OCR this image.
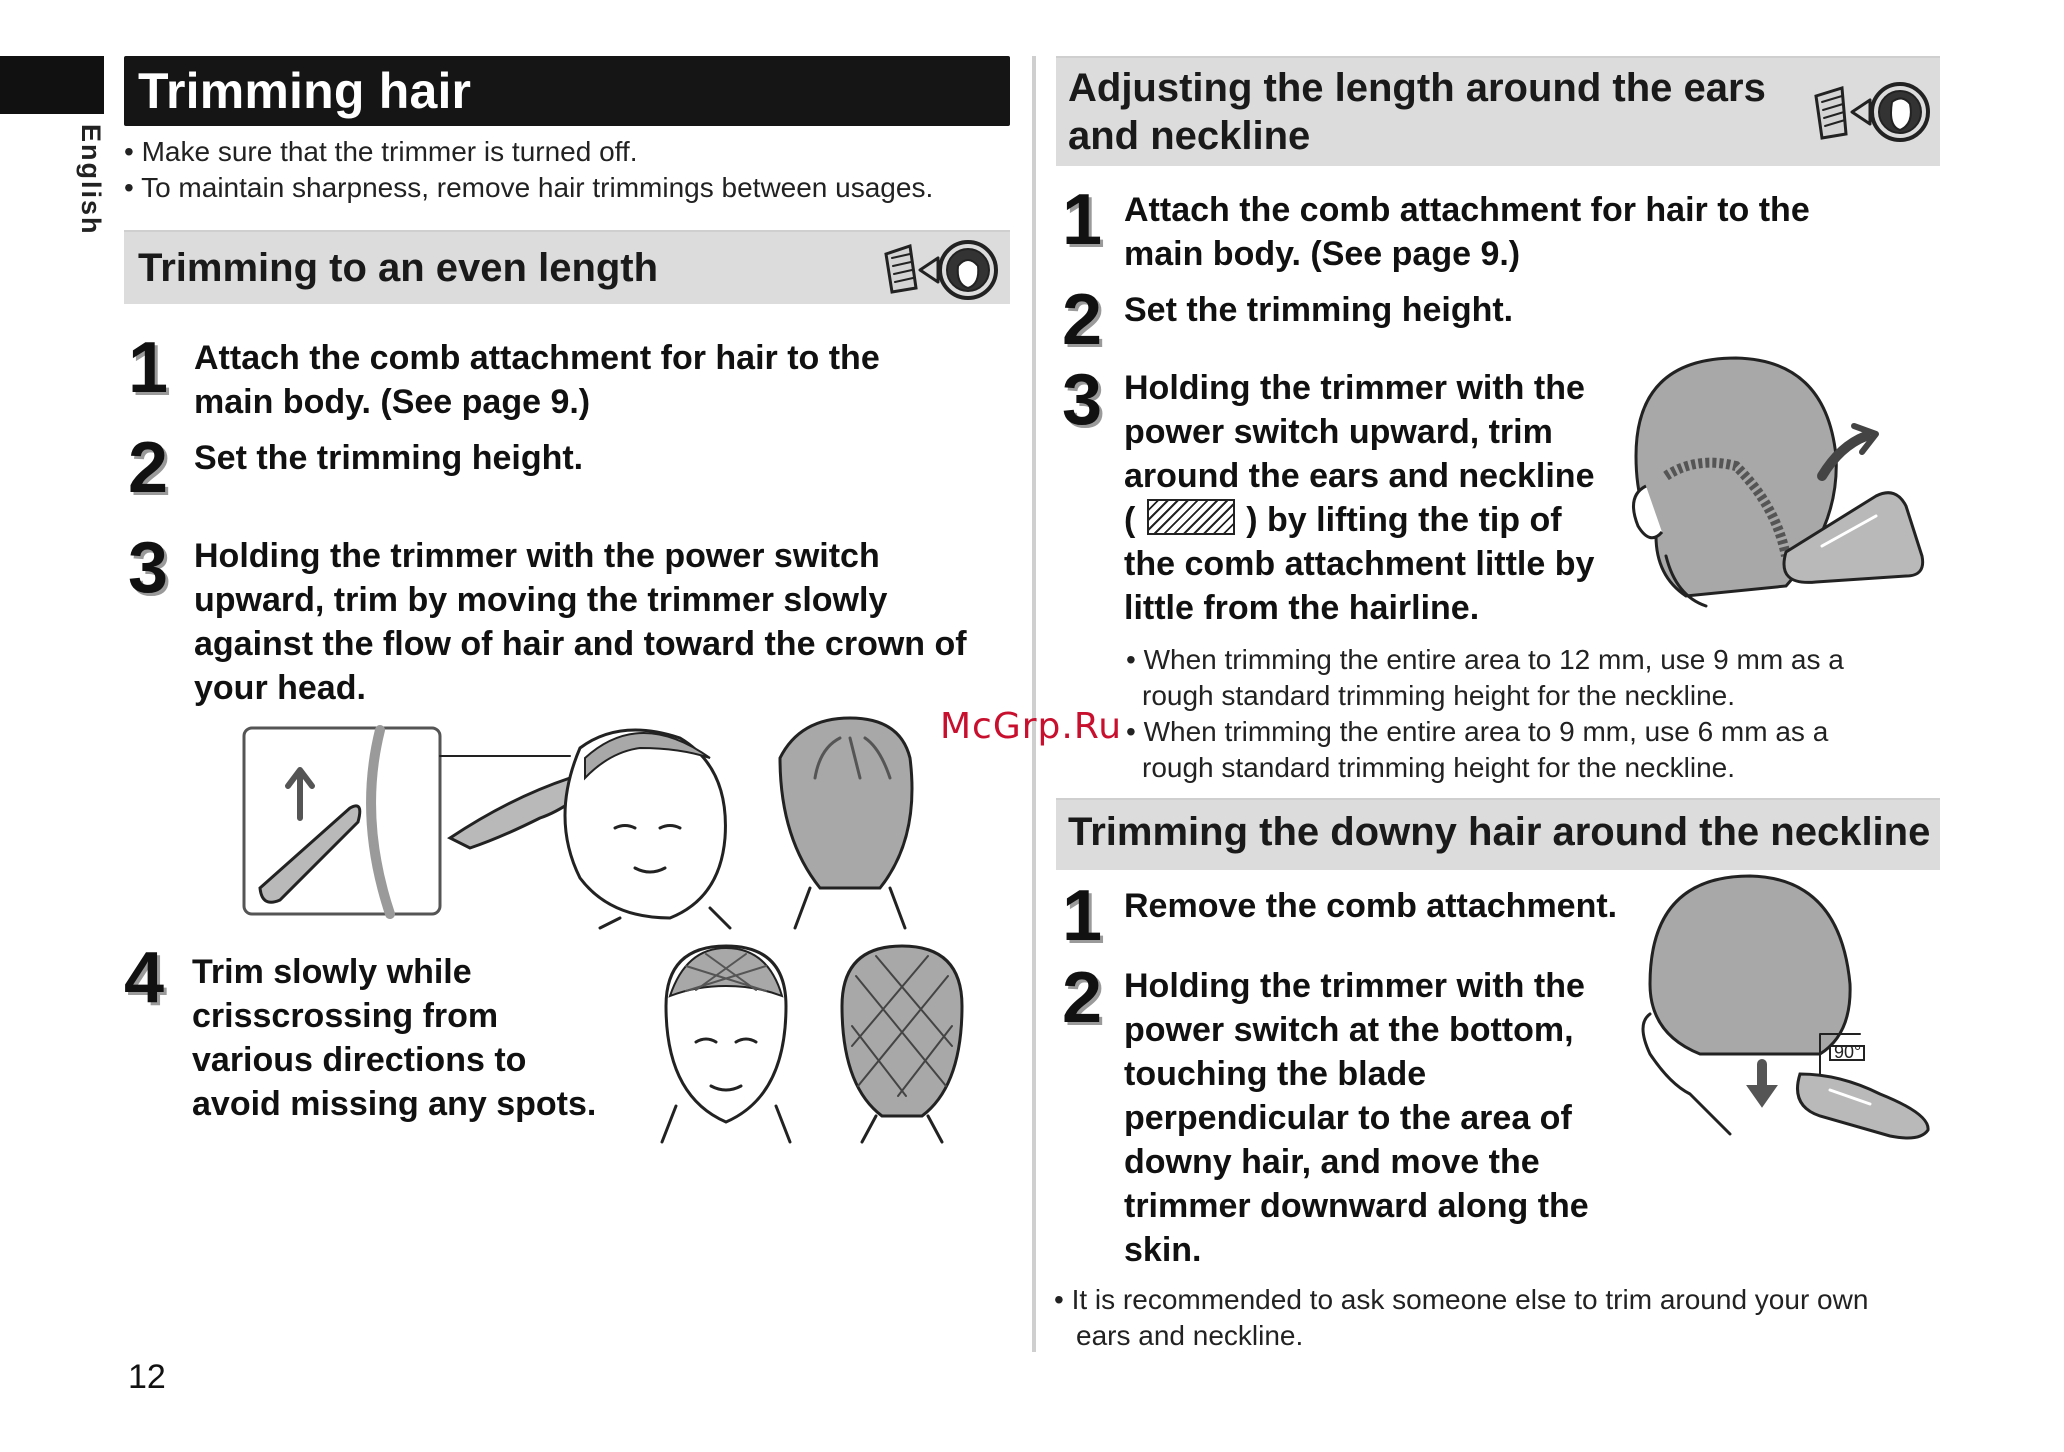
Trimming hair
English • Make sure that the trimmer is turned off.
• To maintain sharpness, remove hair trimmings between usages.
Trimming to an even length
1 Attach the comb attachment for hair to the
main body. (See page 9.)
2 Set the trimming height.
3 Holding the trimmer with the power switch
upward, trim by moving the trimmer slowly
against the flow of hair and toward the crown of
your head.
4 Trim slowly while
crisscrossing from
various directions to
avoid missing any spots.
12
Adjusting the length around the ears
and neckline
1 Attach the comb attachment for hair to the
main body. (See page 9.)
2 Set the trimming height.
3 Holding the trimmer with the
power switch upward, trim
around the ears and neckline
(	) by lifting the tip of
the comb attachment little by
little from the hairline.
• When trimming the entire area to 12 mm, use 9 mm as a
rough standard trimming height for the neckline.
• When trimming the entire area to 9 mm, use 6 mm as a
rough standard trimming height for the neckline.
Trimming the downy hair around the neckline
1 Remove the comb attachment.
2 Holding the trimmer with the
power switch at the bottom,
touching the blade
perpendicular to the area of
downy hair, and move the
trimmer downward along the
skin.
90°
• It is recommended to ask someone else to trim around your own
ears and neckline.
McGrp.Ru
